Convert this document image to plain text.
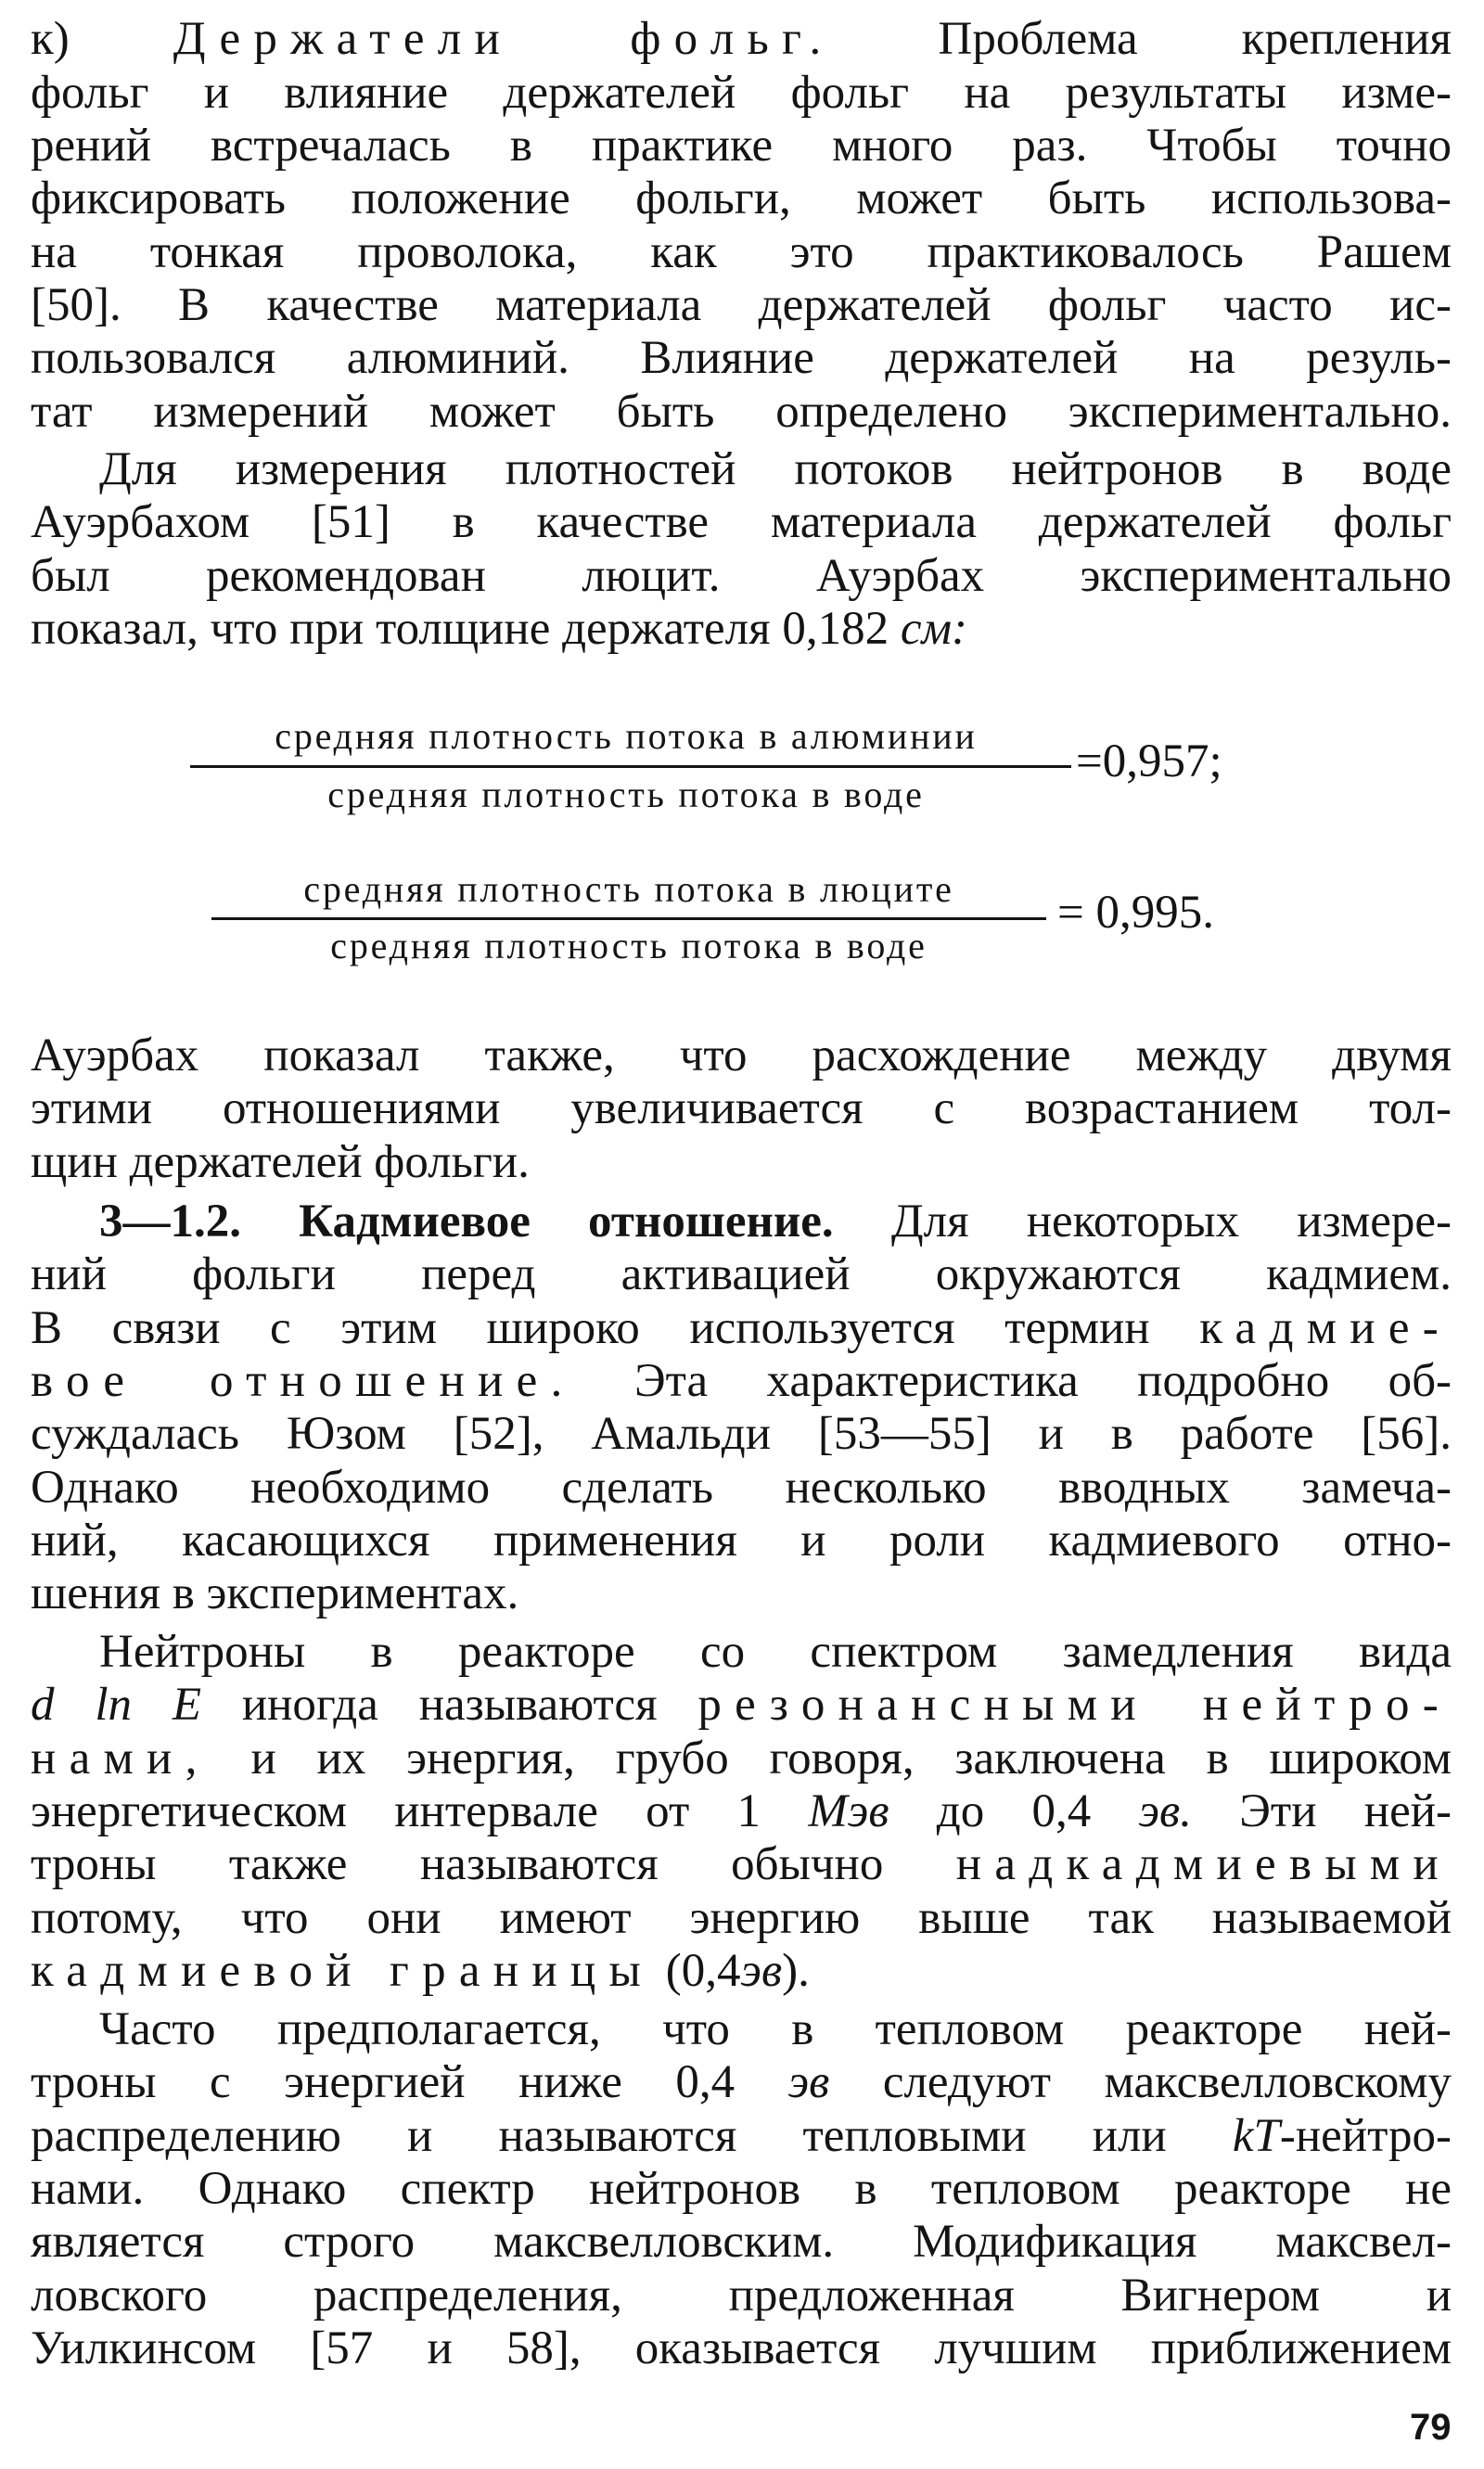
к) Держатели фольг. Проблема крепления
фольг и влияние держателей фольг на результаты изме-
рений встречалась в практике много раз. Чтобы точно
фиксировать положение фольги, может быть использова-
на тонкая проволока, как это практиковалось Рашем
[50]. В качестве материала держателей фольг часто ис-
пользовался алюминий. Влияние держателей на резуль-
тат измерений может быть определено экспериментально.
Для измерения плотностей потоков нейтронов в воде
Ауэрбахом [51] в качестве материала держателей фольг
был рекомендован люцит. Ауэрбах экспериментально
показал, что при толщине держателя 0,182 см:
средняя плотность потока в алюминии
средняя плотность потока в воде
=0,957;
средняя плотность потока в люците
средняя плотность потока в воде
= 0,995.
Ауэрбах показал также, что расхождение между двумя
этими отношениями увеличивается с возрастанием тол-
щин держателей фольги.
3—1.2. Кадмиевое отношение. Для некоторых измере-
ний фольги перед активацией окружаются кадмием.
В связи с этим широко используется термин кадмие-
вое отношение. Эта характеристика подробно об-
суждалась Юзом [52], Амальди [53—55] и в работе [56].
Однако необходимо сделать несколько вводных замеча-
ний, касающихся применения и роли кадмиевого отно-
шения в экспериментах.
Нейтроны в реакторе со спектром замедления вида
d ln E иногда называются резонансными нейтро-
нами, и их энергия, грубо говоря, заключена в широком
энергетическом интервале от 1 Мэв до 0,4 эв. Эти ней-
троны также называются обычно надкадмиевыми
потому, что они имеют энергию выше так называемой
кадмиевой границы (0,4эв).
Часто предполагается, что в тепловом реакторе ней-
троны с энергией ниже 0,4 эв следуют максвелловскому
распределению и называются тепловыми или kT-нейтро-
нами. Однако спектр нейтронов в тепловом реакторе не
является строго максвелловским. Модификация максвел-
ловского распределения, предложенная Вигнером и
Уилкинсом [57 и 58], оказывается лучшим приближением
79
